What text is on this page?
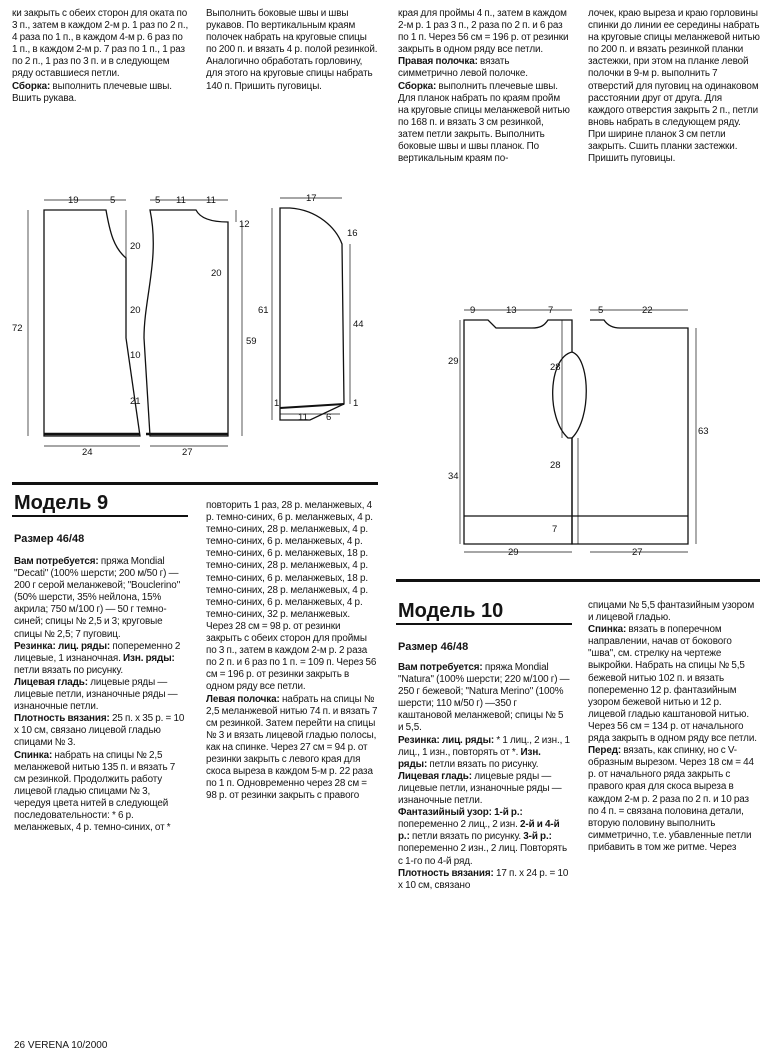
ки закрыть с обеих сторон для оката по 3 п., затем в каждом 2-м р. 1 раз по 2 п., 4 раза по 1 п., в каждом 4-м р. 6 раз по 1 п., в каждом 2-м р. 7 раз по 1 п., 1 раз по 2 п., 1 раз по 3 п. и в следующем ряду оставшиеся петли.

Сборка: выполнить плечевые швы. Вшить рукава.

Выполнить боковые швы и швы рукавов. По вертикальным краям полочек набрать на круговые спицы по 200 п. и вязать 4 р. полой резинкой. Аналогично обработать горловину, для этого на круговые спицы набрать 140 п. Пришить пуговицы.

края для проймы 4 п., затем в каждом 2-м р. 1 раз 3 п., 2 раза по 2 п. и 6 раз по 1 п. Через 56 см = 196 р. от резинки закрыть в одном ряду все петли.

Правая полочка: вязать симметрично левой полочке.

Сборка: выполнить плечевые швы. Для планок набрать по краям пройм на круговые спицы меланжевой нитью по 168 п. и вязать 3 см резинкой, затем петли закрыть. Выполнить боковые швы и швы планок. По вертикальным краям по-

лочек, краю выреза и краю горловины спинки до линии ее середины набрать на круговые спицы меланжевой нитью по 200 п. и вязать резинкой планки застежки, при этом на планке левой полочки в 9-м р. выполнить 7 отверстий для пуговиц на одинаковом расстоянии друг от друга. Для каждого отверстия закрыть 2 п., петли вновь набрать в следующем ряду. При ширине планок 3 см петли закрыть. Сшить планки застежки. Пришить пуговицы.

19	5
20
72
20
10
21
24
5 11 11
12
20
59
27
17
16
61
44
1	1
11 6
9	13	7
29
34
29
28
28
7
5	22
63
27
Модель 9
Размер 46/48

Вам потребуется: пряжа Mondial "Decati" (100% шерсти; 200 м/50 г) — 200 г серой меланжевой; "Bouclerino" (50% шерсти, 35% нейлона, 15% акрила; 750 м/100 г) — 50 г темно-синей; спицы № 2,5 и 3; круговые спицы № 2,5; 7 пуговиц.

Резинка: лиц. ряды: попеременно 2 лицевые, 1 изнаночная. Изн. ряды: петли вязать по рисунку.

Лицевая гладь: лицевые ряды — лицевые петли, изнаночные ряды — изнаночные петли.

Плотность вязания: 25 п. x 35 р. = 10 x 10 см, связано лицевой гладью спицами № 3.

Спинка: набрать на спицы № 2,5 меланжевой нитью 135 п. и вязать 7 см резинкой. Продолжить работу лицевой гладью спицами № 3, чередуя цвета нитей в следующей последовательности: * 6 р. меланжевых, 4 р. темно-синих, от *

повторить 1 раз, 28 р. меланжевых, 4 р. темно-синих, 6 р. меланжевых, 4 р. темно-синих, 28 р. меланжевых, 4 р. темно-синих, 6 р. меланжевых, 4 р. темно-синих, 6 р. меланжевых, 18 р. темно-синих, 28 р. меланжевых, 4 р. темно-синих, 6 р. меланжевых, 18 р. темно-синих, 28 р. меланжевых, 4 р. темно-синих, 6 р. меланжевых, 4 р. темно-синих, 32 р. меланжевых. Через 28 см = 98 р. от резинки закрыть с обеих сторон для проймы по 3 п., затем в каждом 2-м р. 2 раза по 2 п. и 6 раз по 1 п. = 109 п. Через 56 см = 196 р. от резинки закрыть в одном ряду все петли.

Левая полочка: набрать на спицы № 2,5 меланжевой нитью 74 п. и вязать 7 см резинкой. Затем перейти на спицы № 3 и вязать лицевой гладью полосы, как на спинке. Через 27 см = 94 р. от резинки закрыть с левого края для скоса выреза в каждом 5-м р. 22 раза по 1 п. Одновременно через 28 см = 98 р. от резинки закрыть с правого

Модель 10
Размер 46/48

Вам потребуется: пряжа Mondial "Natura" (100% шерсти; 220 м/100 г) — 250 г бежевой; "Natura Merino" (100% шерсти; 110 м/50 г) —350 г каштановой меланжевой; спицы № 5 и 5,5.

Резинка: лиц. ряды: * 1 лиц., 2 изн., 1 лиц., 1 изн., повторять от *. Изн. ряды: петли вязать по рисунку.

Лицевая гладь: лицевые ряды — лицевые петли, изнаночные ряды — изнаночные петли.

Фантазийный узор: 1-й р.: попеременно 2 лиц., 2 изн. 2-й и 4-й р.: петли вязать по рисунку. 3-й р.: попеременно 2 изн., 2 лиц. Повторять с 1-го по 4-й ряд.

Плотность вязания: 17 п. x 24 р. = 10 x 10 см, связано

спицами № 5,5 фантазийным узором и лицевой гладью.

Спинка: вязать в поперечном направлении, начав от бокового "шва", см. стрелку на чертеже выкройки. Набрать на спицы № 5,5 бежевой нитью 102 п. и вязать попеременно 12 р. фантазийным узором бежевой нитью и 12 р. лицевой гладью каштановой нитью. Через 56 см = 134 р. от начального ряда закрыть в одном ряду все петли.

Перед: вязать, как спинку, но с V-образным вырезом. Через 18 см = 44 р. от начального ряда закрыть с правого края для скоса выреза в каждом 2-м р. 2 раза по 2 п. и 10 раз по 4 п. = связана половина детали, вторую половину выполнить симметрично, т.е. убавленные петли прибавить в том же ритме. Через

26 VERENA 10/2000
